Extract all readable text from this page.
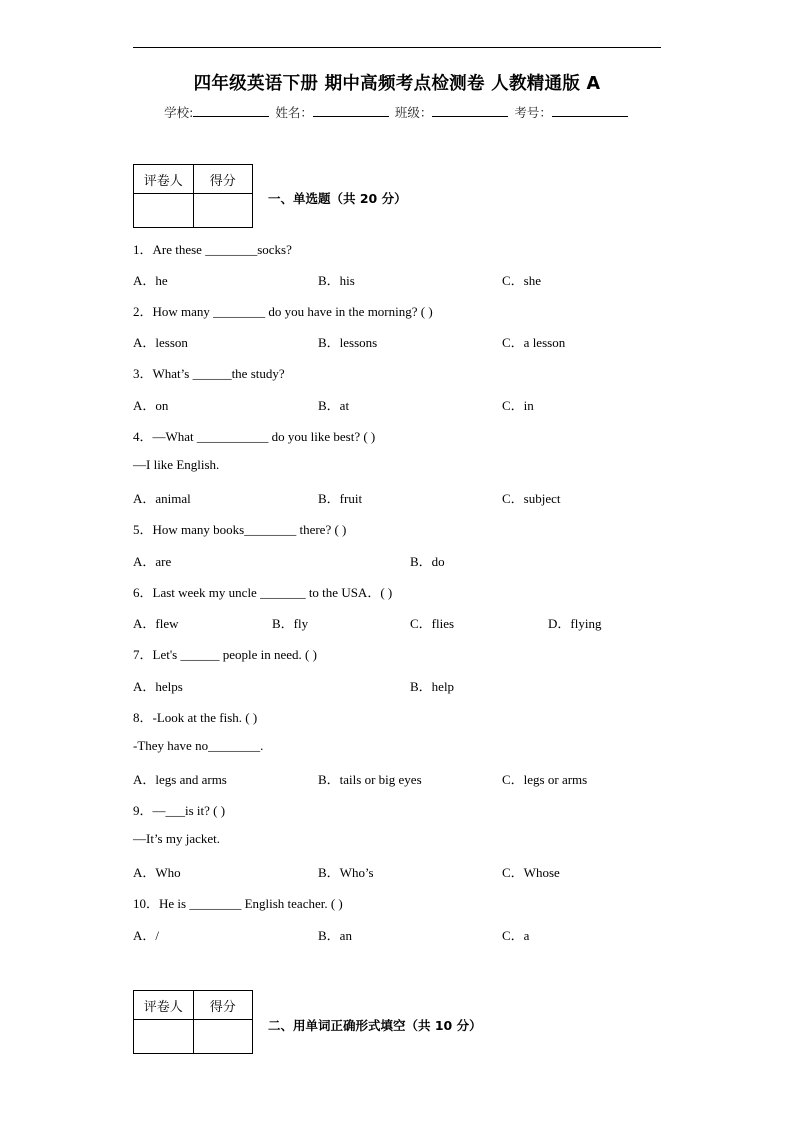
四年级英语下册 期中高频考点检测卷 人教精通版 A
学校:	姓名：	班级：	考号：
评卷人	得分

一、单选题（共 20 分）
1．Are these ________socks?
A．he	B．his	C．she
2．How many ________ do you have in the morning? ( )
A．lesson	B．lessons	C．a lesson
3．What’s ______the study?
A．on	B．at	C．in
4．—What ___________ do you like best? ( )
—I like English.
A．animal	B．fruit	C．subject
5．How many books________ there? ( )
A．are	B．do
6．Last week my uncle _______ to the USA．( )
A．flew	B．fly	C．flies	D．flying
7．Let's ______ people in need. ( )
A．helps	B．help
8．-Look at the fish. ( )
-They have no________.
A．legs and arms	B．tails or big eyes	C．legs or arms
9．—___is it? ( )
—It’s my jacket.
A．Who	B．Who’s	C．Whose
10．He is ________ English teacher. ( )
A．/	B．an	C．a
评卷人	得分

二、用单词正确形式填空（共 10 分）
